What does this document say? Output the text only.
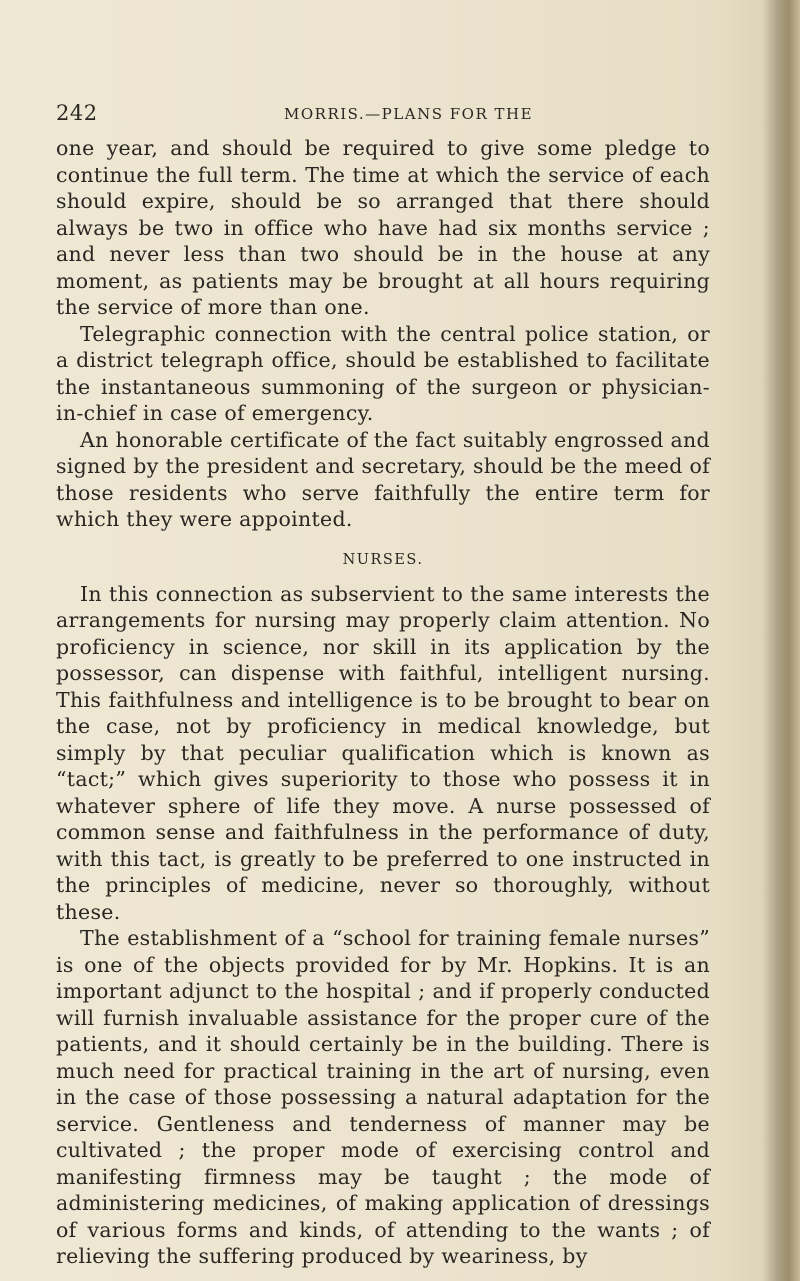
242	MORRIS.—PLANS FOR THE

one year, and should be required to give some pledge to continue the full term. The time at which the service of each should expire, should be so arranged that there should always be two in office who have had six months service ; and never less than two should be in the house at any moment, as patients may be brought at all hours requiring the service of more than one.

Telegraphic connection with the central police station, or a district telegraph office, should be established to facilitate the instantaneous summoning of the surgeon or physician-in-chief in case of emergency.

An honorable certificate of the fact suitably engrossed and signed by the president and secretary, should be the meed of those residents who serve faithfully the entire term for which they were appointed.

NURSES.

In this connection as subservient to the same interests the arrangements for nursing may properly claim attention. No proficiency in science, nor skill in its application by the possessor, can dispense with faithful, intelligent nursing. This faithfulness and intelligence is to be brought to bear on the case, not by proficiency in medical knowledge, but simply by that peculiar qualification which is known as “tact;” which gives superiority to those who possess it in whatever sphere of life they move. A nurse possessed of common sense and faithfulness in the performance of duty, with this tact, is greatly to be preferred to one instructed in the principles of medicine, never so thoroughly, without these.

The establishment of a “school for training female nurses” is one of the objects provided for by Mr. Hopkins. It is an important adjunct to the hospital ; and if properly conducted will furnish invaluable assistance for the proper cure of the patients, and it should certainly be in the building. There is much need for practical training in the art of nursing, even in the case of those possessing a natural adaptation for the service. Gentleness and tenderness of manner may be cultivated ; the proper mode of exercising control and manifesting firmness may be taught ; the mode of administering medicines, of making application of dressings of various forms and kinds, of attending to the wants ; of relieving the suffering produced by weariness, by
